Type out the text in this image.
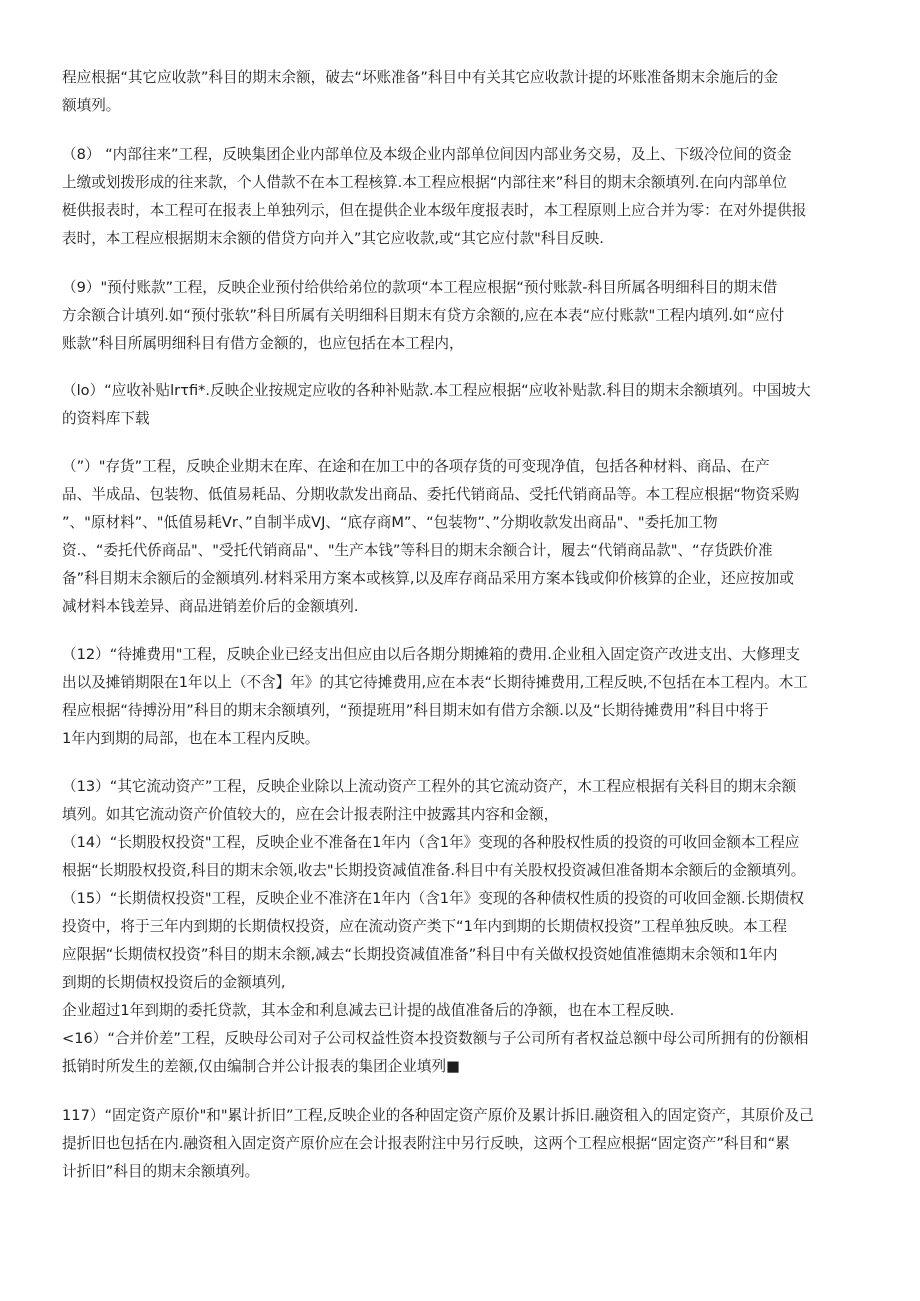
程应根据“其它应收款”科目的期末余额，破去“坏账准备”科目中有关其它应收款计提的坏账准备期末余施后的金
额填列。
（8） “内部往来”工程，反映集团企业内部单位及本级企业内部单位间因内部业务交易，及上、下级冷位间的资金
上缴或划拨形成的往来款，个人借款不在本工程核算.本工程应根据“内部往来”科目的期末余额填列.在向内部单位
梃供报表时，本工程可在报表上单独列示，但在提供企业本级年度报表时，本工程原则上应合并为零：在对外提供报
表时，本工程应根据期末余额的借贷方向并入”其它应收款,或“其它应付款"科目反映.
（9）"预付账款”工程，反映企业预付给供给弟位的款项“本工程应根据“预付账款-科目所属各明细科目的期末借
方余额合计填列.如“预付张软”科目所属有关明细科目期末有贷方余额的,应在本表“应付账款"工程内填列.如“应付
账款”科目所属明细科目有借方金额的，也应包括在本工程内，
（lo）“应收补贴lrτfi*.反映企业按规定应收的各种补贴款.本工程应根据“应收补贴款.科目的期末余额填列。中国坡大
的资料库下载
（”）"存货”工程，反映企业期末在库、在途和在加工中的各项存货的可变现净值，包括各种材料、商品、在产
品、半成品、包装物、低值易耗品、分期收款发出商品、委托代销商品、受托代销商品等。本工程应根据“物资采购
”、"原材料”、"低值易耗Vr、”自制半成VJ、“底存商M”、“包装物”、”分期收款发出商品"、"委托加工物
资.、“委托代侨商品"、"受托代销商品"、"生产本钱”等科目的期末余额合计，履去“代销商品款"、“存货跌价准
备”科目期末余额后的金额填列.材料采用方案本或核算,以及库存商品采用方案本钱或仰价核算的企业，还应按加或
减材料本钱差异、商品进销差价后的金额填列.
（12）“待摊费用"工程，反映企业已经支出但应由以后各期分期摊箱的费用.企业租入固定资产改进支出、大修理支
出以及摊销期限在1年以上（不含】年》的其它待摊费用,应在本表“长期待摊费用,工程反映,不包括在本工程内。木工
程应根据“待搏汾用”科目的期末余额填列，“预提班用”科目期末如有借方余额.以及“长期待摊费用”科目中将于
1年内到期的局部，也在本工程内反映。
（13）“其它流动资产”工程，反映企业除以上流动资产工程外的其它流动资产，木工程应根据有关科目的期末余额
填列。如其它流动资产价值较大的，应在会计报表附注中披露其内容和金额，
（14）“长期股权投资"工程，反映企业不准备在1年内（含1年》变现的各种股权性质的投资的可收回金额本工程应
根据“长期股权投资,科目的期末余领,收去"长期投资减值准备.科目中有关股权投资减但准备期本余额后的金额填列。
（15）“长期债权投资"工程，反映企业不准济在1年内（含1年》变现的各种债权性质的投资的可收回金额.长期债权
投资中，将于三年内到期的长期债权投资，应在流动资产类下“1年内到期的长期债权投资”工程单独反映。本工程
应限据“长期债权投资”科目的期末余额,减去“长期投资减值准备”科目中有关做权投资她值准德期末余领和1年内
到期的长期债权投资后的金额填列,
企业超过1年到期的委托贷款，其本金和利息减去已计提的战值准备后的净额，也在本工程反映.
<16）“合并价差”工程，反映母公司对子公司权益性资本投资数额与子公司所有者权益总额中母公司所拥有的份额相
抵销时所发生的差额,仅由编制合并公计报表的集团企业填列■
117）“固定资产原价"和"累计折旧”工程,反映企业的各种固定资产原价及累计拆旧.融资租入的固定资产，其原价及己
提折旧也包括在内.融资租入固定资产原价应在会计报表附注中另行反映，这两个工程应根据“固定资产”科目和“累
计折旧”科目的期末余额填列。
